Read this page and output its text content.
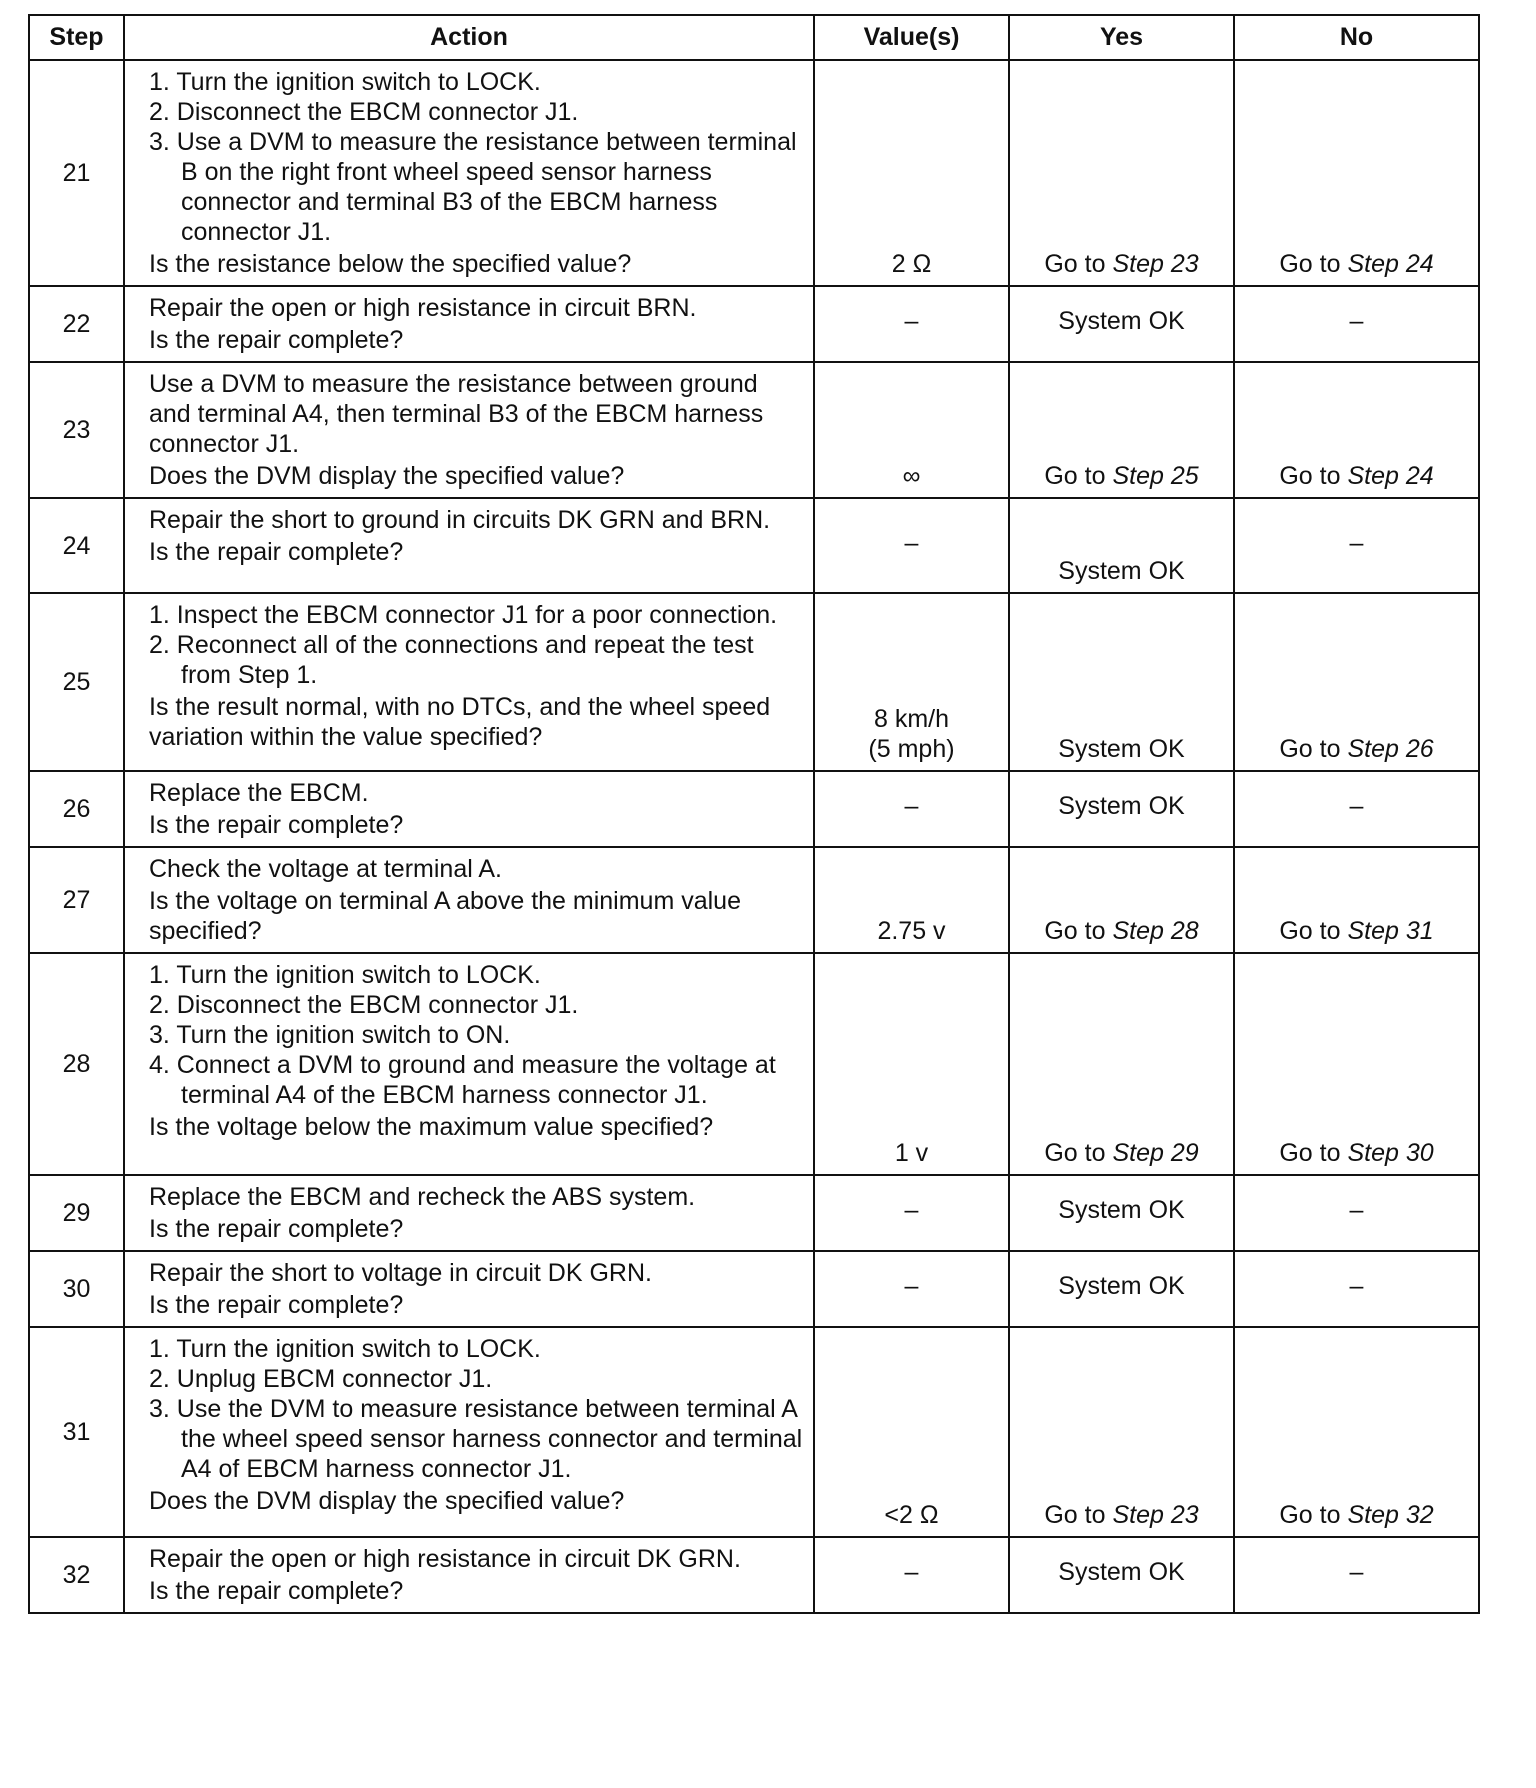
Step	Action	Value(s)	Yes	No
21	1. Turn the ignition switch to LOCK.
2. Disconnect the EBCM connector J1.
3. Use a DVM to measure the resistance between terminal B on the right front wheel speed sensor harness connector and terminal B3 of the EBCM harness connector J1.
Is the resistance below the specified value?	2 Ω	Go to Step 23	Go to Step 24
22	Repair the open or high resistance in circuit BRN.
Is the repair complete?	–	System OK	–
23	Use a DVM to measure the resistance between ground and terminal A4, then terminal B3 of the EBCM harness connector J1.
Does the DVM display the specified value?	∞	Go to Step 25	Go to Step 24
24	Repair the short to ground in circuits DK GRN and BRN.
Is the repair complete?	–	System OK	–
25	1. Inspect the EBCM connector J1 for a poor connection.
2. Reconnect all of the connections and repeat the test from Step 1.
Is the result normal, with no DTCs, and the wheel speed variation within the value specified?	8 km/h
(5 mph)	System OK	Go to Step 26
26	Replace the EBCM.
Is the repair complete?	–	System OK	–
27	Check the voltage at terminal A.
Is the voltage on terminal A above the minimum value specified?	2.75 v	Go to Step 28	Go to Step 31
28	1. Turn the ignition switch to LOCK.
2. Disconnect the EBCM connector J1.
3. Turn the ignition switch to ON.
4. Connect a DVM to ground and measure the voltage at terminal A4 of the EBCM harness connector J1.
Is the voltage below the maximum value specified?	1 v	Go to Step 29	Go to Step 30
29	Replace the EBCM and recheck the ABS system.
Is the repair complete?	–	System OK	–
30	Repair the short to voltage in circuit DK GRN.
Is the repair complete?	–	System OK	–
31	1. Turn the ignition switch to LOCK.
2. Unplug EBCM connector J1.
3. Use the DVM to measure resistance between terminal A the wheel speed sensor harness connector and terminal A4 of EBCM harness connector J1.
Does the DVM display the specified value?	<2 Ω	Go to Step 23	Go to Step 32
32	Repair the open or high resistance in circuit DK GRN.
Is the repair complete?	–	System OK	–
